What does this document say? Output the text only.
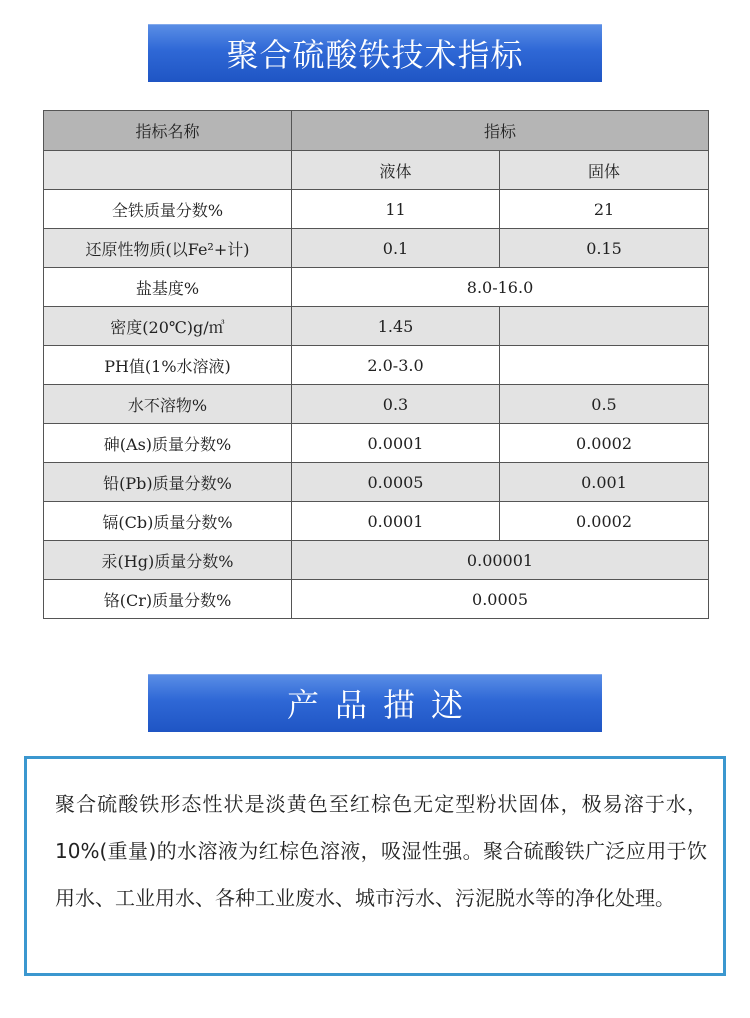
聚合硫酸铁技术指标
指标名称	指标	
	液体	固体
全铁质量分数%	11	21
还原性物质(以Fe²+计)	0.1	0.15
盐基度%	8.0-16.0	
密度(20℃)g/㎥	1.45	
PH值(1%水溶液)	2.0-3.0	
水不溶物%	0.3	0.5
砷(As)质量分数%	0.0001	0.0002
铅(Pb)质量分数%	0.0005	0.001
镉(Cb)质量分数%	0.0001	0.0002
汞(Hg)质量分数%	0.00001	
铬(Cr)质量分数%	0.0005	
产品描述

聚合硫酸铁形态性状是淡黄色至红棕色无定型粉状固体，极易溶于水，10%(重量)的水溶液为红棕色溶液，吸湿性强。聚合硫酸铁广泛应用于饮用水、工业用水、各种工业废水、城市污水、污泥脱水等的净化处理。
